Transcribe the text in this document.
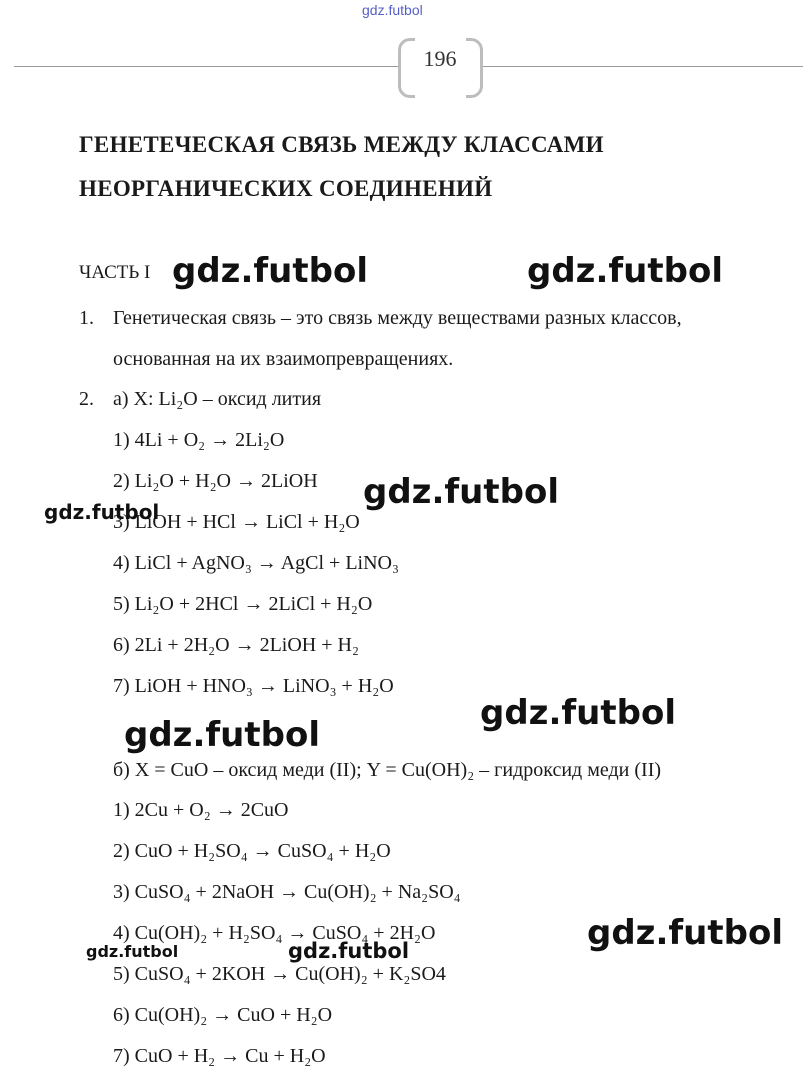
gdz.futbol
196
ГЕНЕТЕЧЕСКАЯ СВЯЗЬ МЕЖДУ КЛАССАМИ
НЕОРГАНИЧЕСКИХ СОЕДИНЕНИЙ
ЧАСТЬ I
1. Генетическая связь – это связь между веществами разных классов,
основанная на их взаимопревращениях.
2. а) X: Li₂O – оксид лития
1) 4Li + O₂ → 2Li₂O
2) Li₂O + H₂O → 2LiOH
3) LiOH + HCl → LiCl + H₂O
4) LiCl + AgNO₃ → AgCl + LiNO₃
5) Li₂O + 2HCl → 2LiCl + H₂O
6) 2Li + 2H₂O → 2LiOH + H₂
7) LiOH + HNO₃ → LiNO₃ + H₂O
б) X = CuO – оксид меди (II); Y = Cu(OH)₂ – гидроксид меди (II)
1) 2Cu + O₂ → 2CuO
2) CuO + H₂SO₄ → CuSO₄ + H₂O
3) CuSO₄ + 2NaOH → Cu(OH)₂ + Na₂SO₄
4) Cu(OH)₂ + H₂SO₄ → CuSO₄ + 2H₂O
5) CuSO₄ + 2KOH → Cu(OH)₂ + K₂SO4
6) Cu(OH)₂ → CuO + H₂O
7) CuO + H₂ → Cu + H₂O
gdz.futbol	gdz.futbol
gdz.futbol
gdz.futbol
gdz.futbol
gdz.futbol
gdz.futbol
gdz.futbol	gdz.futbol
